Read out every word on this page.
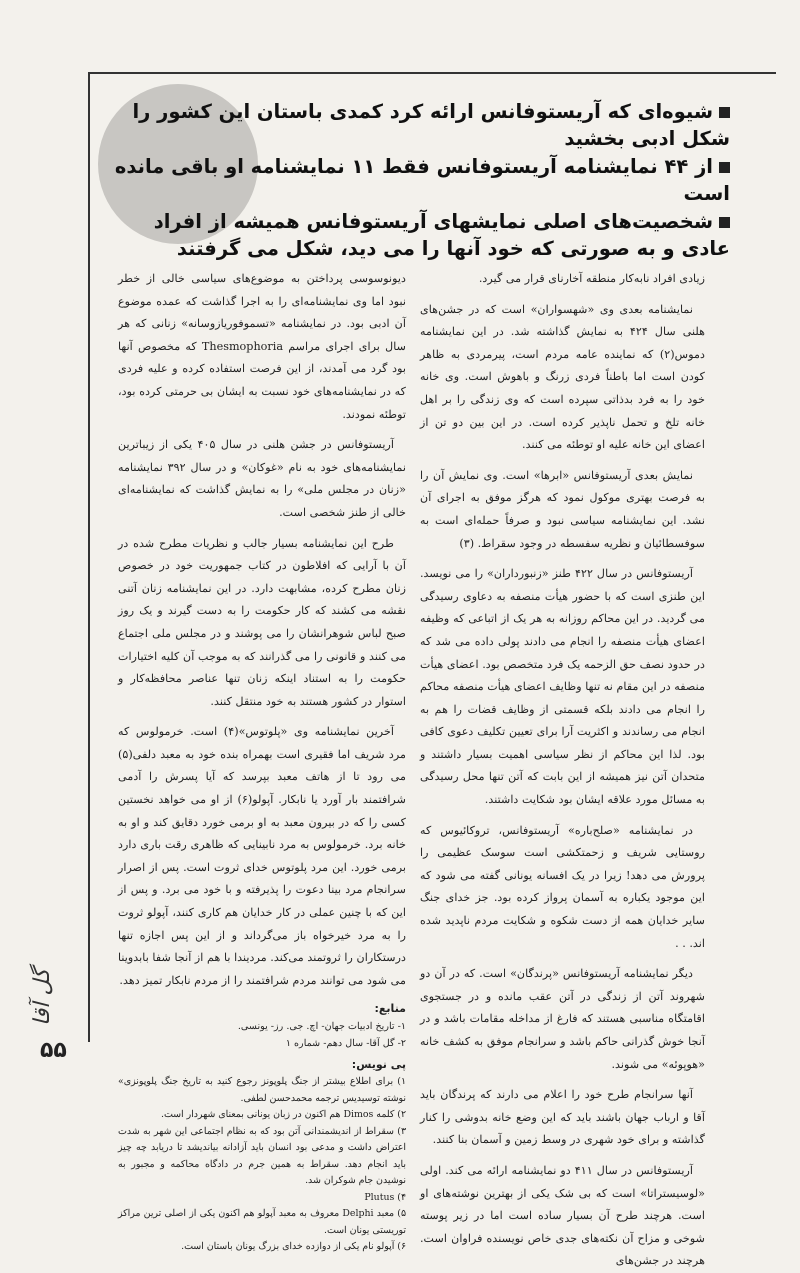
شیوه‌ای که آریستوفانس ارائه کرد کمدی باستان این کشور را شکل ادبی بخشید
از ۴۴ نمایشنامه آریستوفانس فقط ۱۱ نمایشنامه او باقی مانده است
شخصیت‌های اصلی نمایشهای آریستوفانس همیشه از افراد عادی و به صورتی که خود آنها را می دید، شکل می گرفتند

زیادی افراد نابه‌کار منطقه آخارنای قرار می گیرد.

نمایشنامه بعدی وی «شهسواران» است که در جشن‌های هلنی سال ۴۲۴ به نمایش گذاشته شد. در این نمایشنامه دموس(۲) که نماینده عامه مردم است، پیرمردی به ظاهر کودن است اما باطناً فردی زرنگ و باهوش است. وی خانه خود را به فرد بدذاتی سپرده است که وی زندگی را بر اهل خانه تلخ و تحمل ناپذیر کرده است. در این بین دو تن از اعضای این خانه علیه او توطئه می کنند.

نمایش بعدی آریستوفانس «ابرها» است. وی نمایش آن را به فرصت بهتری موکول نمود که هرگز موفق به اجرای آن نشد. این نمایشنامه سیاسی نبود و صرفاً حمله‌ای است به سوفسطائیان و نظریه سفسطه در وجود سقراط. (۳)

آریستوفانس در سال ۴۲۲ طنز «زنبورداران» را می نویسد. این طنزی است که با حضور هیأت منصفه به دعاوی رسیدگی می گردید. در این محاکم روزانه به هر یک از اتباعی که وظیفه اعضای هیأت منصفه را انجام می دادند پولی داده می شد که در حدود نصف حق الزحمه یک فرد متخصص بود. اعضای هیأت منصفه در این مقام نه تنها وظایف اعضای هیأت منصفه محاکم را انجام می دادند بلکه قسمتی از وظایف قضات را هم به انجام می رساندند و اکثریت آرا برای تعیین تکلیف دعوی کافی بود. لذا این محاکم از نظر سیاسی اهمیت بسیار داشتند و متحدان آتن نیز همیشه از این بابت که آتن تنها محل رسیدگی به مسائل مورد علاقه ایشان بود شکایت داشتند.

در نمایشنامه «صلح‌باره» آریستوفانس، تروکائیوس که روستایی شریف و زحمتکشی است سوسک عظیمی را پرورش می دهد! زیرا در یک افسانه یونانی گفته می شود که این موجود یکباره به آسمان پرواز کرده بود. جز خدای جنگ سایر خدایان همه از دست شکوه و شکایت مردم ناپدید شده اند. . .

دیگر نمایشنامه آریستوفانس «پرندگان» است. که در آن دو شهروند آتن از زندگی در آتن عقب مانده و در جستجوی اقامتگاه مناسبی هستند که فارغ از مداخله مقامات باشد و در آنجا خوش گذرانی حاکم باشد و سرانجام موفق به کشف خانه «هوپوئه» می شوند.

آنها سرانجام طرح خود را اعلام می دارند که پرندگان باید آقا و ارباب جهان باشند باید که این وضع خانه بدوشی را کنار گذاشته و برای خود شهری در وسط زمین و آسمان بنا کنند.

آریستوفانس در سال ۴۱۱ دو نمایشنامه ارائه می کند. اولی «لوسیستراتا» است که بی شک یکی از بهترین نوشته‌های او است. هرچند طرح آن بسیار ساده است اما در زیر پوسته شوخی و مزاح آن نکته‌های جدی خاص نویسنده فراوان است. هرچند در جشن‌های

دیونوسوسی پرداختن به موضوع‌های سیاسی خالی از خطر نبود اما وی نمایشنامه‌ای را به اجرا گذاشت که عمده موضوع آن ادبی بود. در نمایشنامه «تسموفوریازوسانه» زنانی که هر سال برای اجرای مراسم Thesmophoria که مخصوص آنها بود گرد می آمدند، از این فرصت استفاده کرده و علیه فردی که در نمایشنامه‌های خود نسبت به ایشان بی حرمتی کرده بود، توطئه نمودند.

آریستوفانس در جشن هلنی در سال ۴۰۵ یکی از زیباترین نمایشنامه‌های خود به نام «غوکان» و در سال ۳۹۲ نمایشنامه «زنان در مجلس ملی» را به نمایش گذاشت که نمایشنامه‌ای خالی از طنز شخصی است.

طرح این نمایشنامه بسیار جالب و نظریات مطرح شده در آن با آرایی که افلاطون در کتاب جمهوریت خود در خصوص زنان مطرح کرده، مشابهت دارد. در این نمایشنامه زنان آتنی نقشه می کشند که کار حکومت را به دست گیرند و یک روز صبح لباس شوهرانشان را می پوشند و در مجلس ملی اجتماع می کنند و قانونی را می گذرانند که به موجب آن کلیه اختیارات حکومت را به استناد اینکه زنان تنها عناصر محافظه‌کار و استوار در کشور هستند به خود منتقل کنند.

آخرین نمایشنامه وی «پلوتوس»(۴) است. خرمولوس که مرد شریف اما فقیری است بهمراه بنده خود به معبد دلفی(۵) می رود تا از هاتف معبد بپرسد که آیا پسرش را آدمی شرافتمند بار آورد یا نابکار. آپولو(۶) از او می خواهد نخستین کسی را که در بیرون معبد به او برمی خورد دقایق کند و او به خانه برد. خرمولوس به مرد نابینایی که ظاهری رقت باری دارد برمی خورد. این مرد پلوتوس خدای ثروت است. پس از اصرار سرانجام مرد بینا دعوت را پذیرفته و با خود می برد. و پس از این که با چنین عملی در کار خدایان هم کاری کنند، آپولو ثروت را به مرد خیرخواه باز می‌گرداند و از این پس اجازه تنها درستکاران را ثروتمند می‌کند. مردیندا با هم از آنجا شفا بابدوینا می شود می توانند مردم شرافتمند را از مردم نابکار تمیز دهد.

منابع:
۱- تاریخ ادبیات جهان- اچ. جی. رز- یونسی.
۲- گل آقا- سال دهم- شماره ۱
پی نویس:
۱) برای اطلاع بیشتر از جنگ پلوپونز رجوع کنید به تاریخ جنگ پلوپونزی» نوشته توسیدیس ترجمه محمدحسن لطفی.
۲) کلمه Dimos هم اکنون در زبان یونانی بمعنای شهردار است.
۳) سقراط از اندیشمندانی آتن بود که به نظام اجتماعی این شهر به شدت اعتراض داشت و مدعی بود انسان باید آزادانه بیاندیشد تا دریابد چه چیز باید انجام دهد. سقراط به همین جرم در دادگاه محاکمه و مجبور به نوشیدن جام شوکران شد.
۴) Plutus
۵) معبد Delphi معروف به معبد آپولو هم اکنون یکی از اصلی ترین مراکز توریستی یونان است.
۶) آپولو نام یکی از دوازده خدای بزرگ یونان باستان است.
گل آقا
۵۵
